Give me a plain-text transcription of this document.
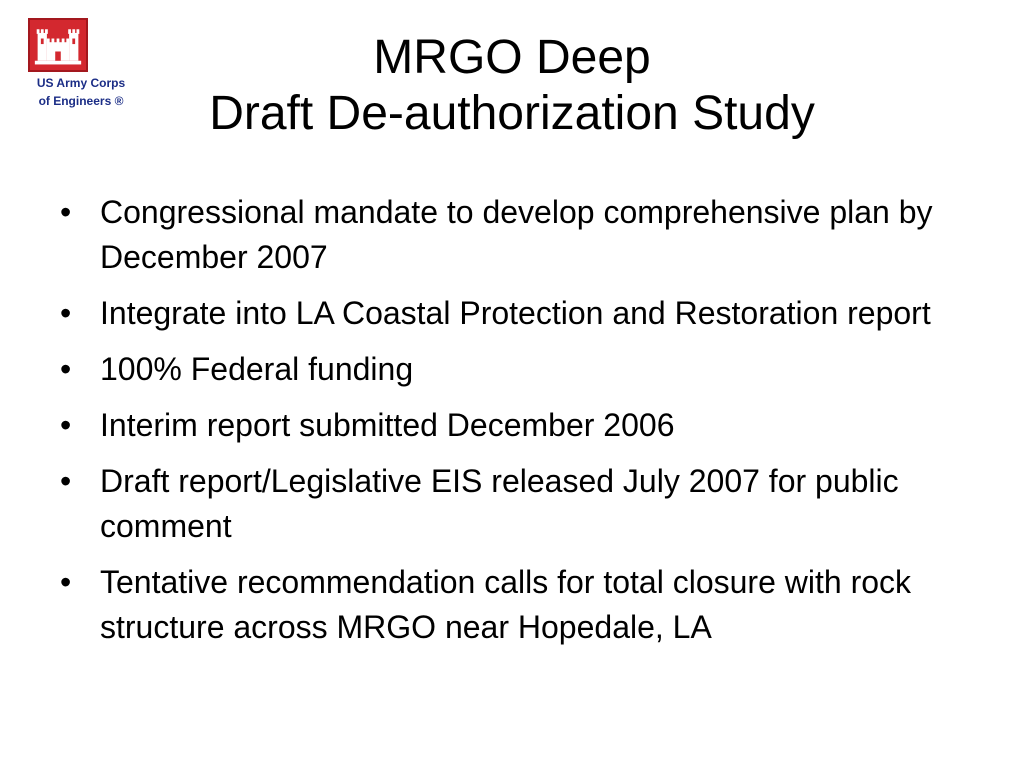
US Army Corps
of Engineers ®
MRGO Deep
Draft De-authorization Study
• Congressional mandate to develop comprehensive plan by December 2007
• Integrate into LA Coastal Protection and Restoration report
• 100% Federal funding
• Interim report submitted December 2006
• Draft report/Legislative EIS released July 2007 for public comment
• Tentative recommendation calls for total closure with rock structure across MRGO near Hopedale, LA
